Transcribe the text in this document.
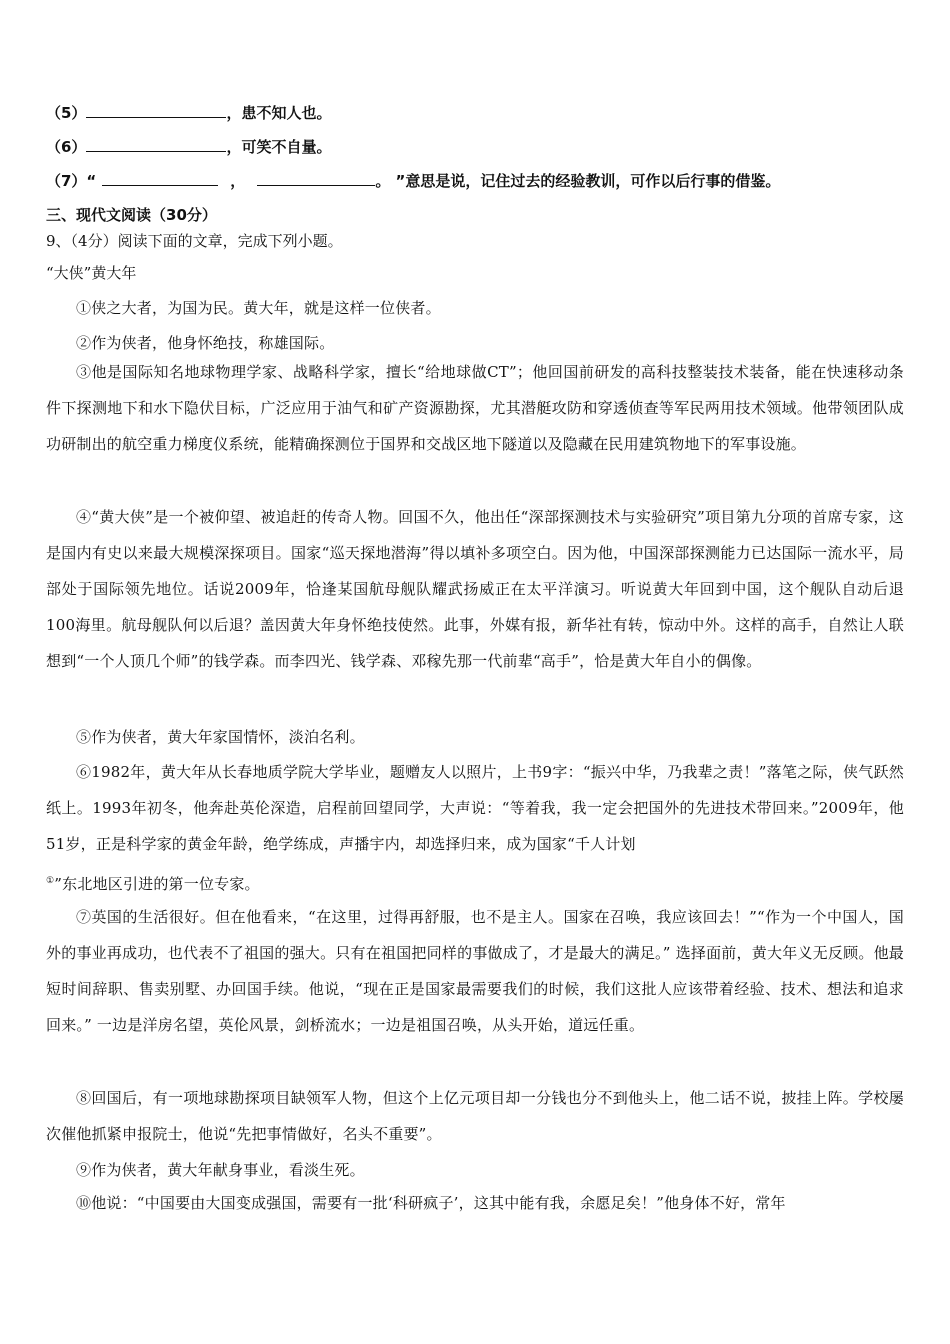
（5）	，患不知人也。
（6）	，可笑不自量。
（7）“	，	。 ”意思是说，记住过去的经验教训，可作以后行事的借鉴。
三、现代文阅读（30分）
9、（4分）阅读下面的文章，完成下列小题。
“大侠”黄大年
①侠之大者，为国为民。黄大年，就是这样一位侠者。
②作为侠者，他身怀绝技，称雄国际。
③他是国际知名地球物理学家、战略科学家，擅长“给地球做CT”；他回国前研发的高科技整装技术装备，能在快速移动条件下探测地下和水下隐伏目标，广泛应用于油气和矿产资源勘探，尤其潜艇攻防和穿透侦查等军民两用技术领域。他带领团队成功研制出的航空重力梯度仪系统，能精确探测位于国界和交战区地下隧道以及隐藏在民用建筑物地下的军事设施。
④“黄大侠”是一个被仰望、被追赶的传奇人物。回国不久，他出任“深部探测技术与实验研究”项目第九分项的首席专家，这是国内有史以来最大规模深探项目。国家“巡天探地潜海”得以填补多项空白。因为他，中国深部探测能力已达国际一流水平，局部处于国际领先地位。话说2009年，恰逢某国航母舰队耀武扬威正在太平洋演习。听说黄大年回到中国，这个舰队自动后退100海里。航母舰队何以后退？盖因黄大年身怀绝技使然。此事，外媒有报，新华社有转，惊动中外。这样的高手，自然让人联想到“一个人顶几个师”的钱学森。而李四光、钱学森、邓稼先那一代前辈“高手”，恰是黄大年自小的偶像。
⑤作为侠者，黄大年家国情怀，淡泊名利。
⑥1982年，黄大年从长春地质学院大学毕业，题赠友人以照片，上书9字：“振兴中华，乃我辈之责！”落笔之际，侠气跃然纸上。1993年初冬，他奔赴英伦深造，启程前回望同学，大声说：“等着我，我一定会把国外的先进技术带回来。”2009年，他51岁，正是科学家的黄金年龄，绝学练成，声播宇内，却选择归来，成为国家“千人计划
①”东北地区引进的第一位专家。
⑦英国的生活很好。但在他看来，“在这里，过得再舒服，也不是主人。国家在召唤，我应该回去！”“作为一个中国人，国外的事业再成功，也代表不了祖国的强大。只有在祖国把同样的事做成了，才是最大的满足。” 选择面前，黄大年义无反顾。他最短时间辞职、售卖别墅、办回国手续。他说，“现在正是国家最需要我们的时候，我们这批人应该带着经验、技术、想法和追求回来。” 一边是洋房名望，英伦风景，剑桥流水；一边是祖国召唤，从头开始，道远任重。
⑧回国后，有一项地球勘探项目缺领军人物，但这个上亿元项目却一分钱也分不到他头上，他二话不说，披挂上阵。学校屡次催他抓紧申报院士，他说“先把事情做好，名头不重要”。
⑨作为侠者，黄大年献身事业，看淡生死。
⑩他说：“中国要由大国变成强国，需要有一批‘科研疯子’，这其中能有我，余愿足矣！”他身体不好，常年
